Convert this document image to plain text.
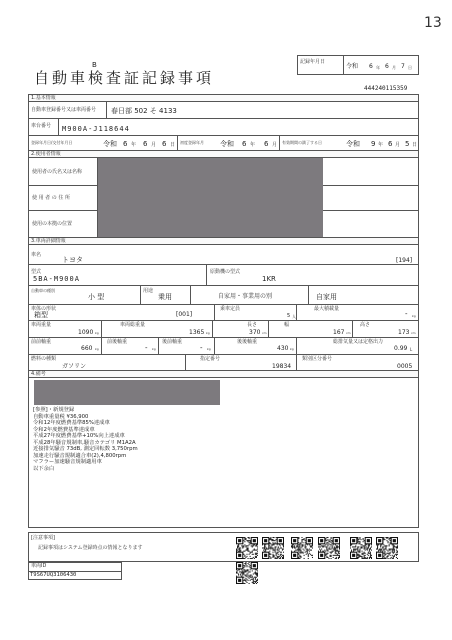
13
記録年月日
令和 6 年 6 月 7 日
B
自動車検査証記録事項
444240115359
1.基本情報
自動車登録番号又は車両番号 春日部 502 そ 4133
車台番号 M900A-J118644
登録年月日/交付年月日	令和 6 年 6 月 6 日 初度登録年月 令和 6 年 6 月 有効期間の満了する日	令和 9 年 6 月 5 日
2.使用者情報
使用者の氏名又は名称
使 用 者 の 住 所
使用の本拠の位置
3.車両詳細情報
車名
トヨタ	[194]
型式
5BA-M900A
原動機の型式
1KR
自動車の種別
小 型
用途
乗用	自家用・事業用の別	自家用
車体の形状
箱型	[001]
乗車定員
5 人
最大積載量
- kg
車両重量
1090 kg
車両総重量
1365 kg
長さ
370 cm
幅
167 cm
高さ
173 cm
前前軸重
660 kg
前後軸重
- kg
後前軸重
- kg
後後軸重
430 kg
総排気量又は定格出力
0.99 L
燃料の種類
ガソリン
指定番号
19834
類別区分番号
0005
4.備考
[参照]・新規登録
自動車重量税 ¥36,900
令和12年度燃費基準85%達成車
令和2年度燃費基準達成車
平成27年度燃費基準+10%向上達成車
平成28年騒音規制車,騒音カテゴリ M1A2A
近接排気騒音 73dB, 測定回転数 3,750rpm
加速走行騒音規制適合車(2),4,800rpm
マフラー加速騒音規制適用車
以下余白
[注意事項]
記録事項はシステム登録時点の情報となります
車両ID
T9S67UQ3106430
